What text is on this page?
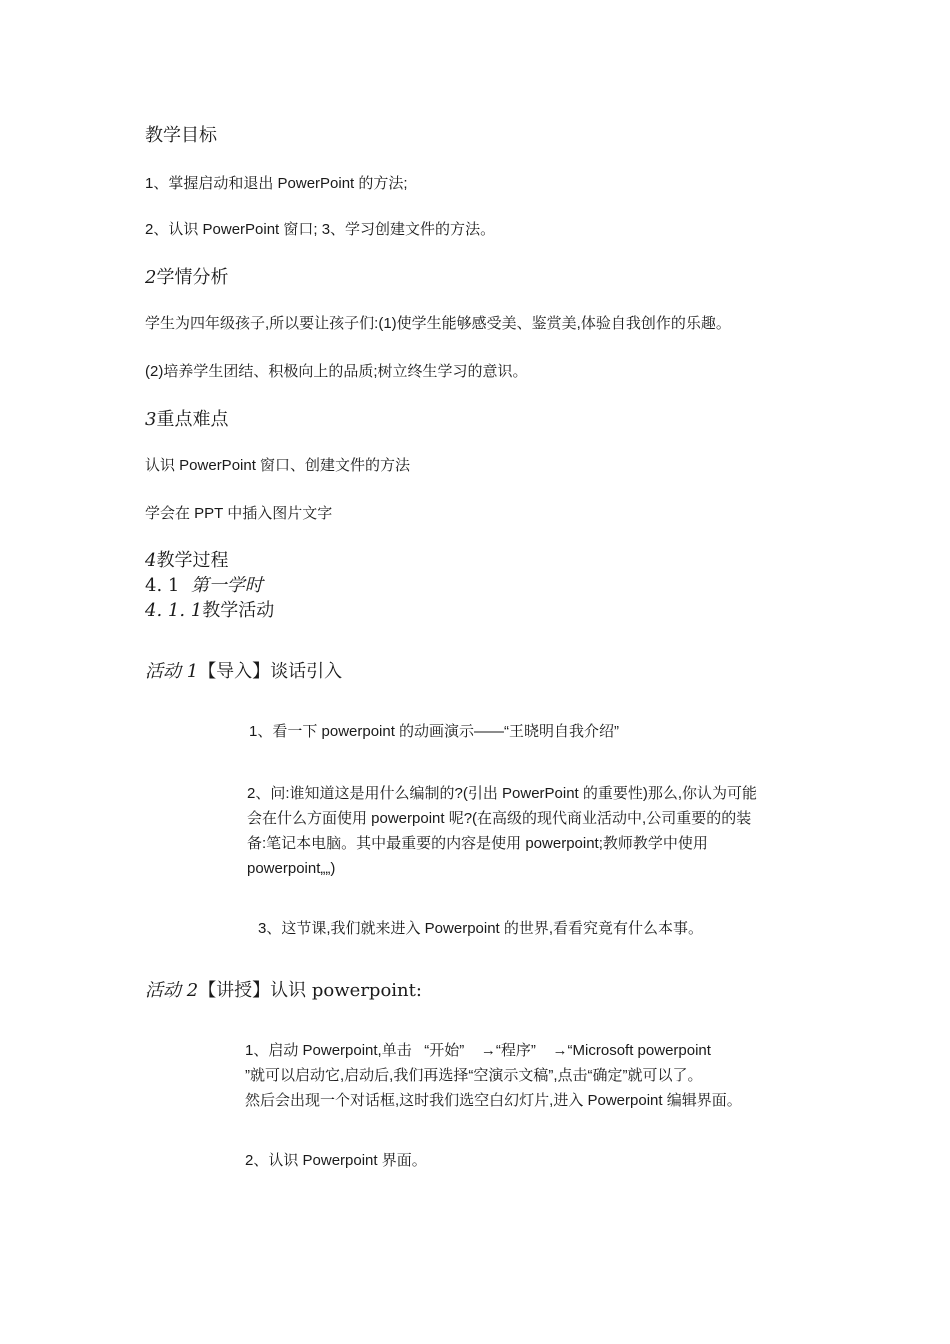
教学目标
1、掌握启动和退出 PowerPoint 的方法;
2、认识 PowerPoint 窗口; 3、学习创建文件的方法。
2学情分析
学生为四年级孩子,所以要让孩子们:(1)使学生能够感受美、鉴赏美,体验自我创作的乐趣。
(2)培养学生团结、积极向上的品质;树立终生学习的意识。
3重点难点
认识 PowerPoint 窗口、创建文件的方法
学会在 PPT 中插入图片文字
4教学过程
4. 1 第一学时
4. 1. 1教学活动
活动 1【导入】谈话引入
1、看一下 powerpoint 的动画演示——“王晓明自我介绍”
2、问:谁知道这是用什么编制的?(引出 PowerPoint 的重要性)那么,你认为可能
会在什么方面使用 powerpoint 呢?(在高级的现代商业活动中,公司重要的的装
备:笔记本电脑。其中最重要的内容是使用 powerpoint;教师教学中使用
powerpoint„„)
3、这节课,我们就来进入 Powerpoint 的世界,看看究竟有什么本事。
活动 2【讲授】认识 powerpoint:
1、启动 Powerpoint,单击   “开始”    →“程序”    →“Microsoft powerpoint
”就可以启动它,启动后,我们再选择“空演示文稿”,点击“确定”就可以了。
然后会出现一个对话框,这时我们选空白幻灯片,进入 Powerpoint 编辑界面。
2、认识 Powerpoint 界面。
